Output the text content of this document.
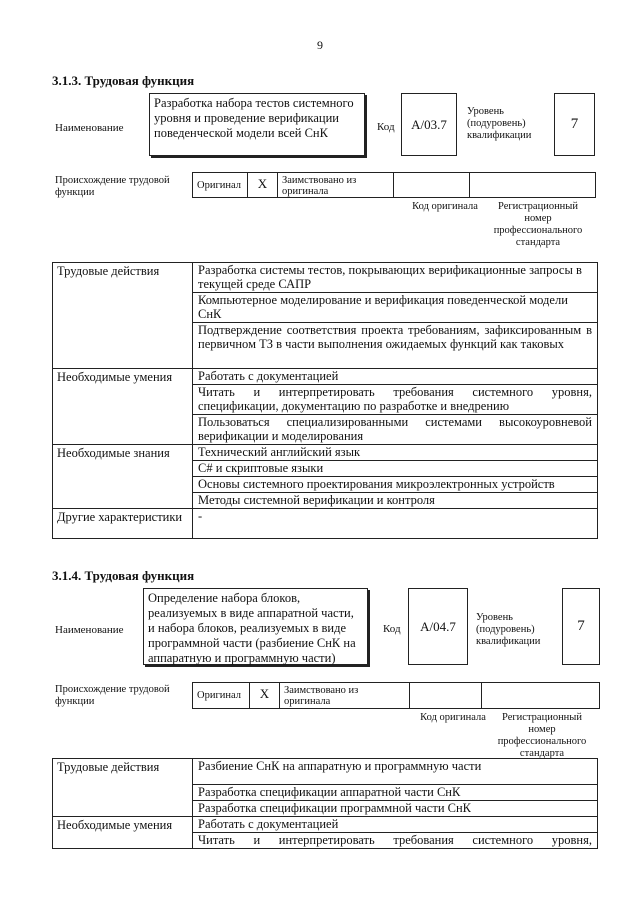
9
3.1.3. Трудовая функция
Наименование
Разработка набора тестов системного уровня и проведение верификации поведенческой модели всей СнК	Код A/03.7
Уровень (подуровень) квалификации
7
Происхождение трудовой функции
Оригинал	X	Заимствовано из оригинала
Код оригинала	Регистрационный номер профессионального стандарта
Трудовые действия	Разработка системы тестов, покрывающих верификационные запросы в текущей среде САПР
	Компьютерное моделирование и верификация поведенческой модели СнК
	Подтверждение соответствия проекта требованиям, зафиксированным в первичном ТЗ в части выполнения ожидаемых функций как таковых
Необходимые умения	Работать с документацией
	Читать и интерпретировать требования системного уровня, спецификации, документацию по разработке и внедрению
	Пользоваться специализированными системами высокоуровневой верификации и моделирования
Необходимые знания	Технический английский язык
	C# и скриптовые языки
	Основы системного проектирования микроэлектронных устройств
	Методы системной верификации и контроля
Другие характеристики	-
3.1.4. Трудовая функция
Наименование
Определение набора блоков, реализуемых в виде аппаратной части, и набора блоков, реализуемых в виде программной части (разбиение СнК на аппаратную и программную части)
Код A/04.7
Уровень (подуровень) квалификации
7
Происхождение трудовой функции
Оригинал	X	Заимствовано из оригинала
Код оригинала	Регистрационный номер профессионального стандарта
Трудовые действия	Разбиение СнК на аппаратную и программную части
	Разработка спецификации аппаратной части СнК
	Разработка спецификации программной части СнК
Необходимые умения	Работать с документацией
	Читать и интерпретировать требования системного уровня,
